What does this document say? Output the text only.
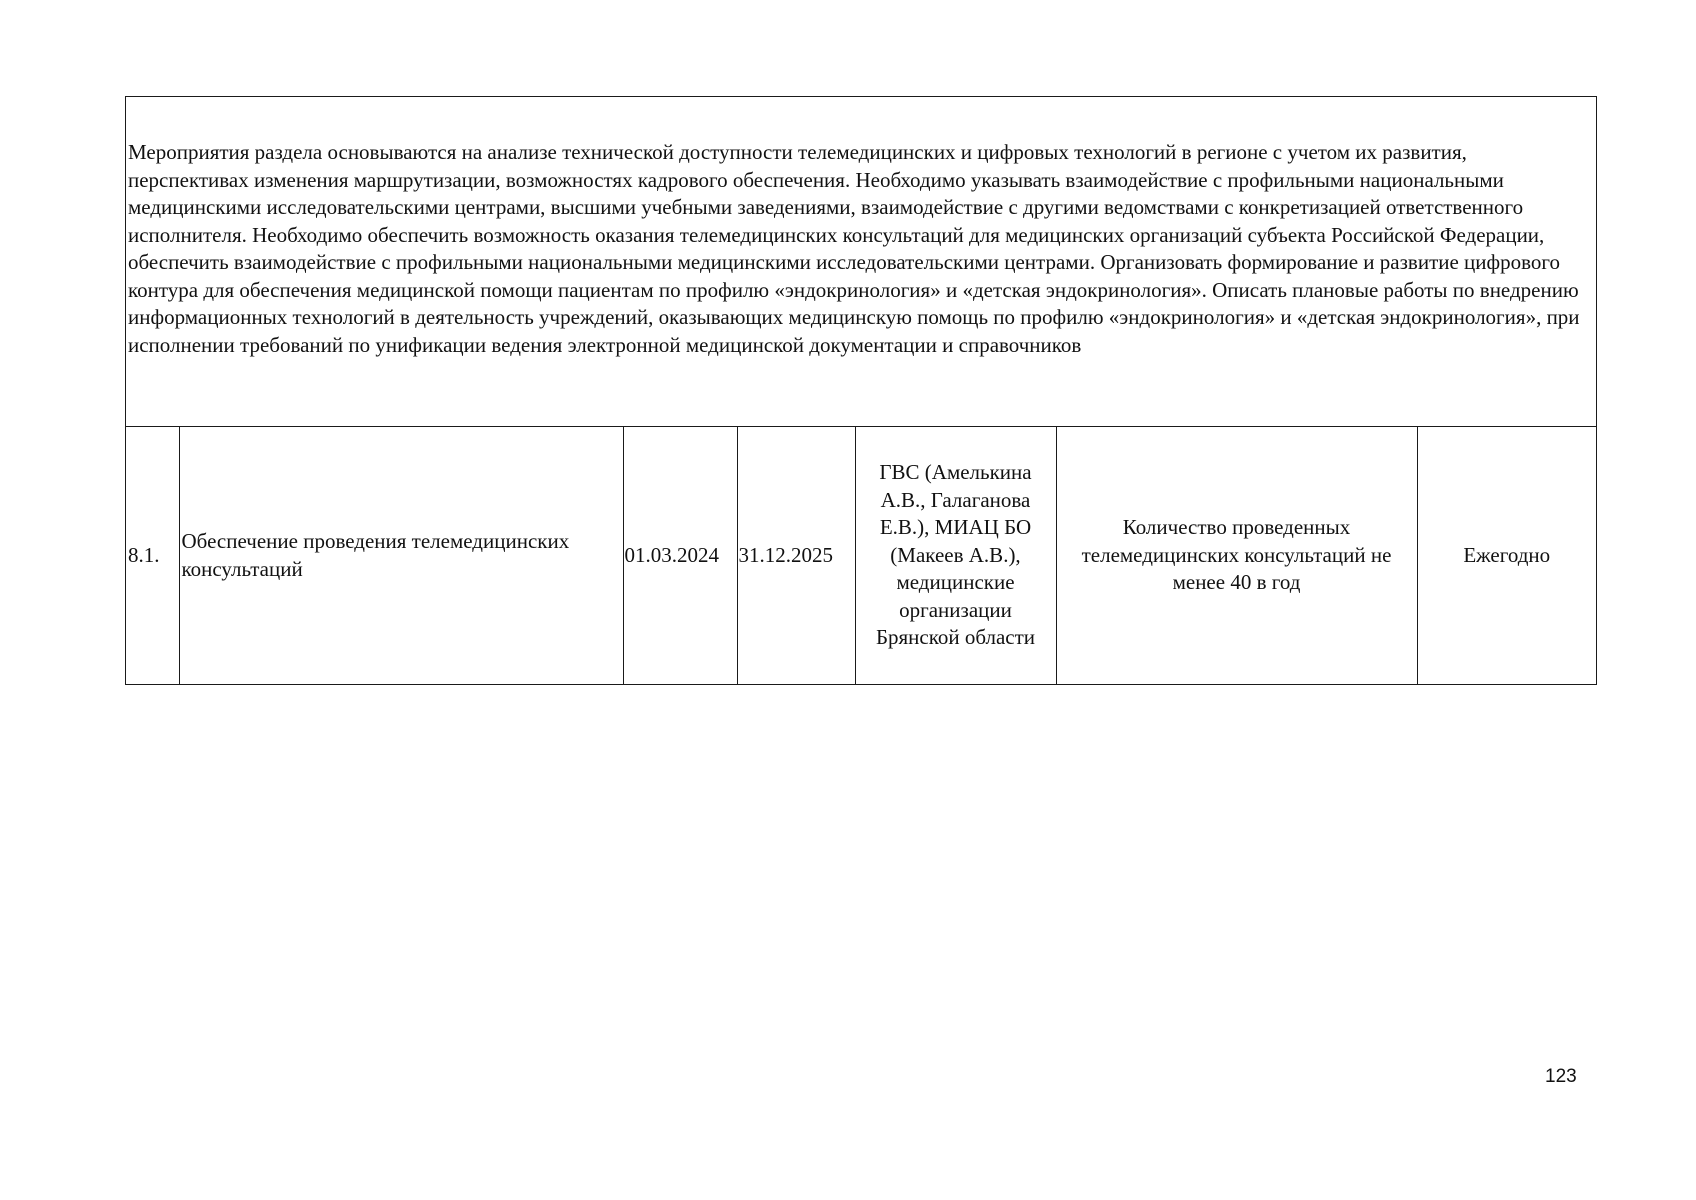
Мероприятия раздела основываются на анализе технической доступности телемедицинских и цифровых технологий в регионе с учетом их развития, перспективах изменения маршрутизации, возможностях кадрового обеспечения. Необходимо указывать взаимодействие с профильными национальными медицинскими исследовательскими центрами, высшими учебными заведениями, взаимодействие с другими ведомствами с конкретизацией ответственного исполнителя. Необходимо обеспечить возможность оказания телемедицинских консультаций для медицинских организаций субъекта Российской Федерации, обеспечить взаимодействие с профильными национальными медицинскими исследовательскими центрами. Организовать формирование и развитие цифрового контура для обеспечения медицинской помощи пациентам по профилю «эндокринология» и «детская эндокринология». Описать плановые работы по внедрению информационных технологий в деятельность учреждений, оказывающих медицинскую помощь по профилю «эндокринология» и «детская эндокринология», при исполнении требований по унификации ведения электронной медицинской документации и справочников
8.1.	Обеспечение проведения телемедицинских консультаций	01.03.2024	31.12.2025	ГВС (Амелькина А.В., Галаганова Е.В.), МИАЦ БО (Макеев А.В.), медицинские организации Брянской области	Количество проведенных телемедицинских консультаций не менее 40 в год	Ежегодно
123
